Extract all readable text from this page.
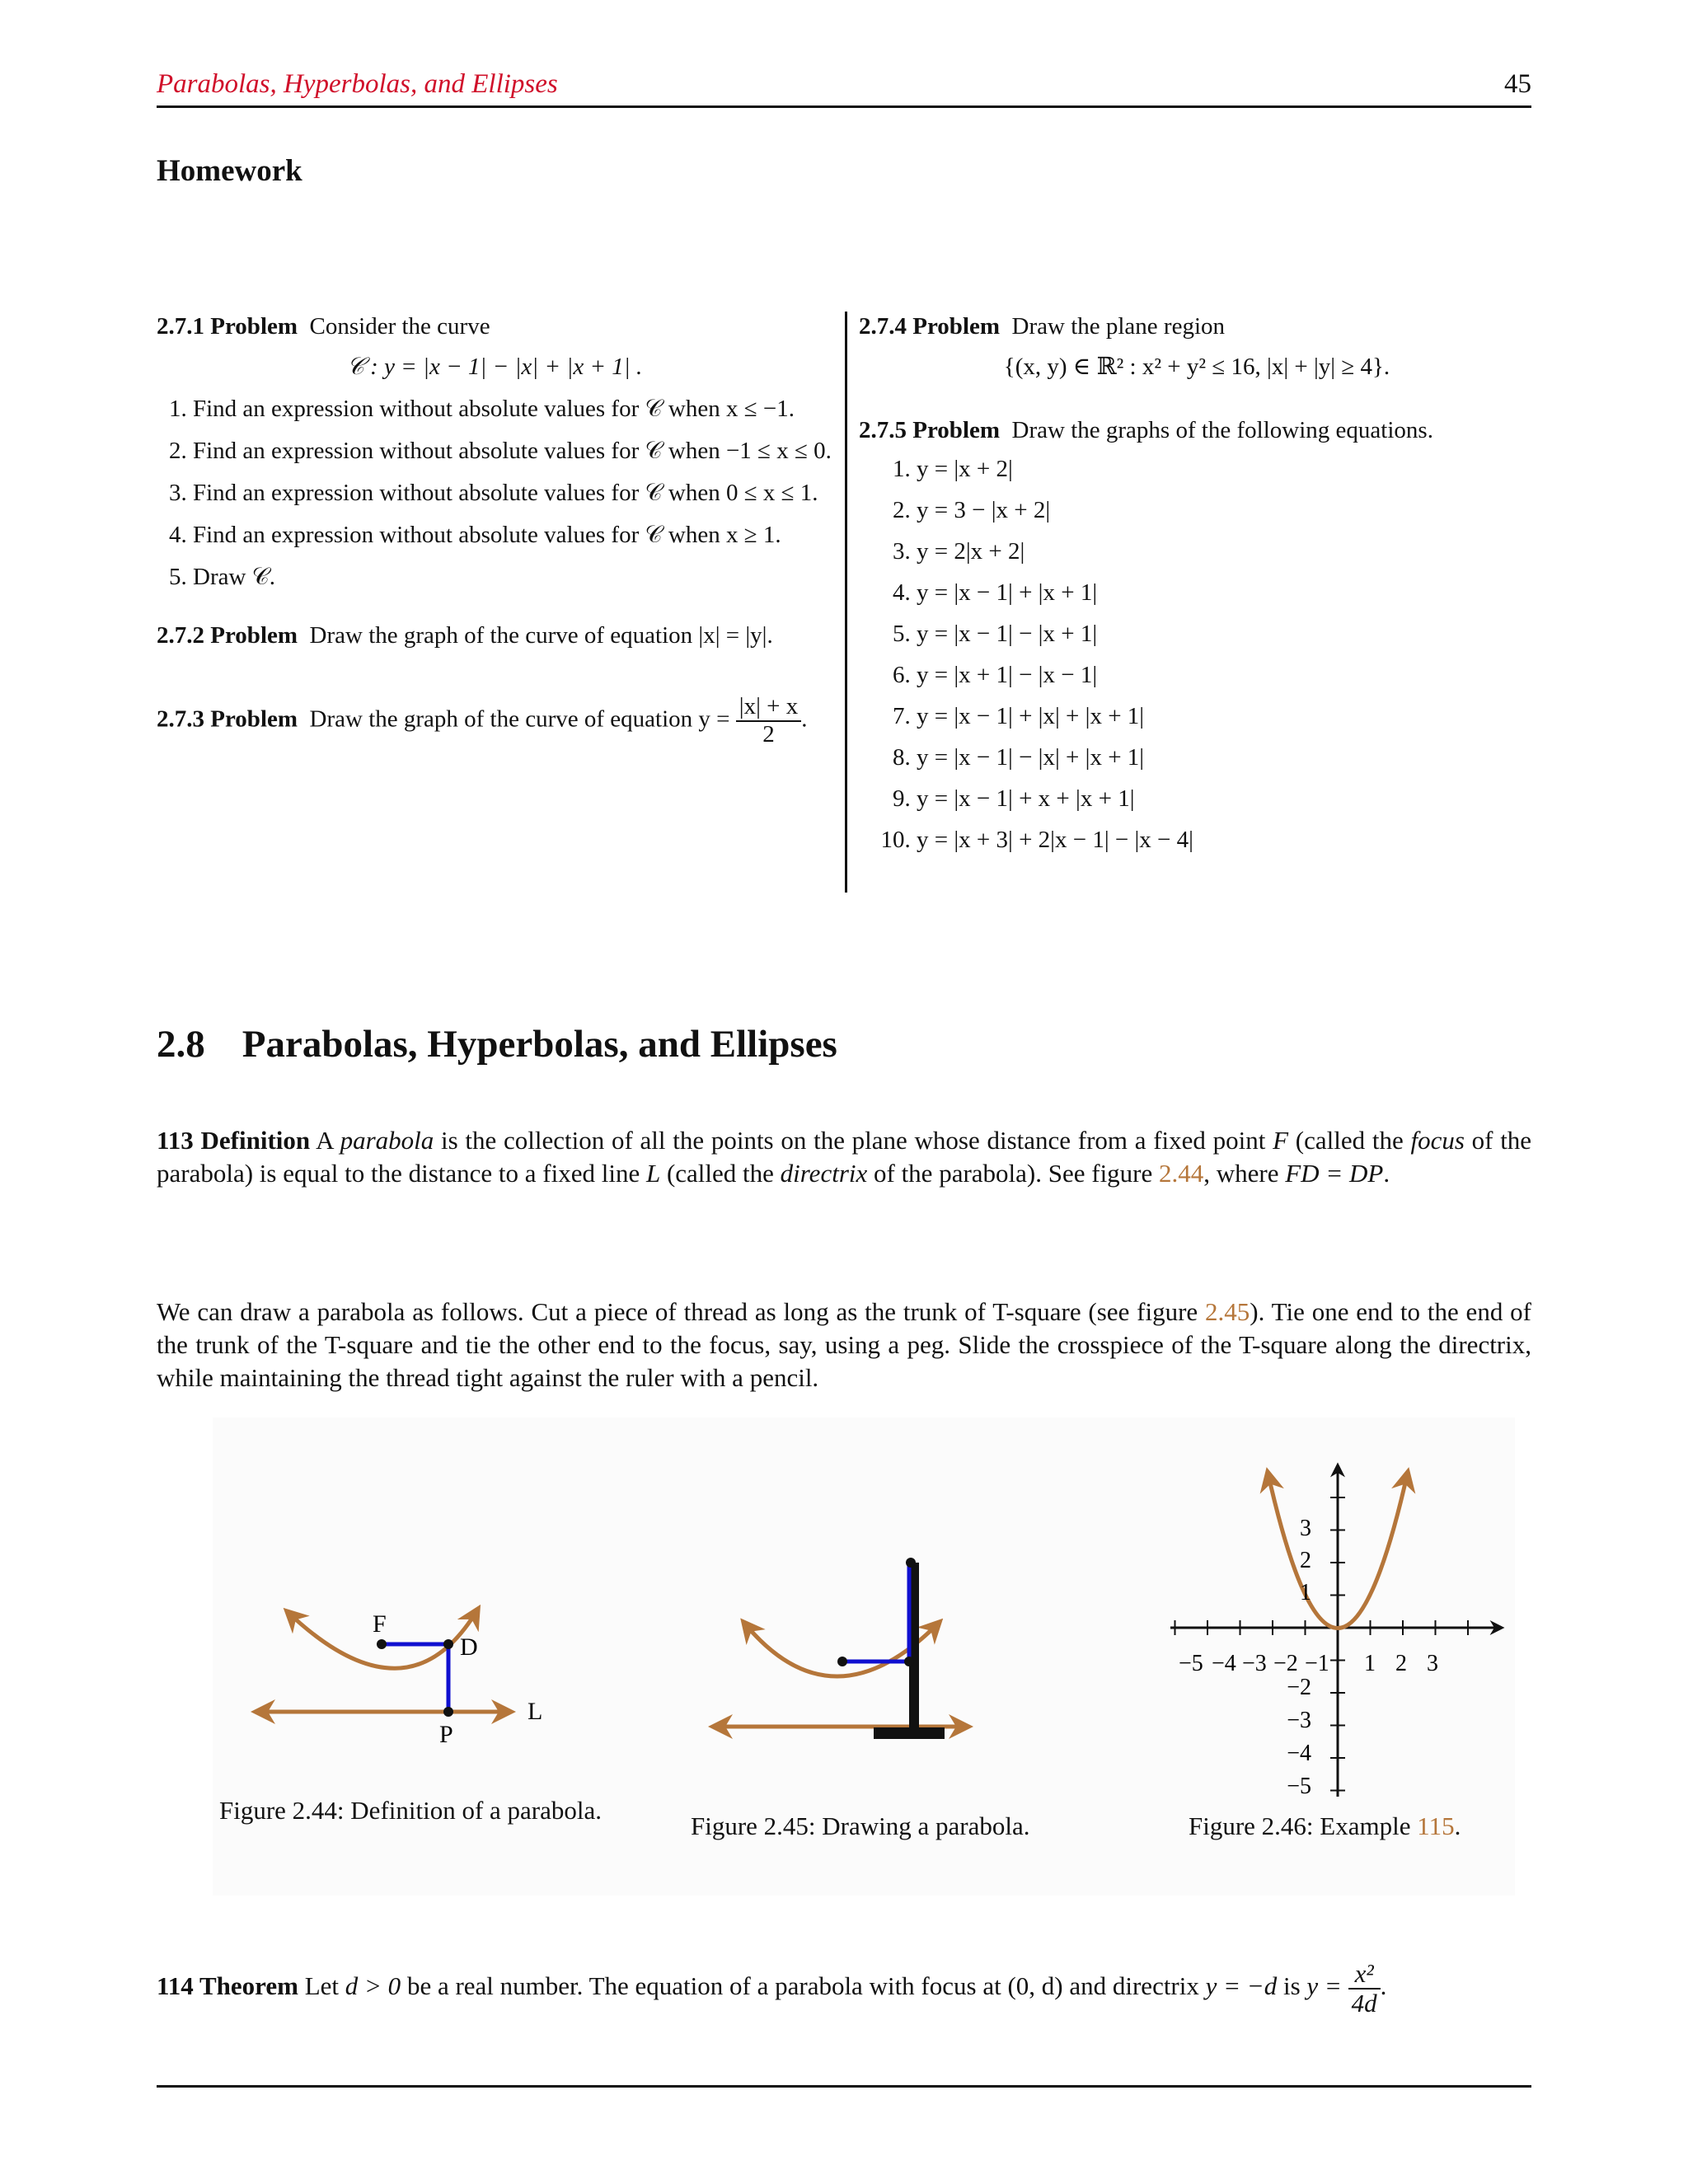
Parabolas, Hyperbolas, and Ellipses	45
Homework
2.7.1 Problem Consider the curve
𝒞 : y = |x − 1| − |x| + |x + 1| .
1. Find an expression without absolute values for 𝒞 when x ≤ −1.
2. Find an expression without absolute values for 𝒞 when −1 ≤ x ≤ 0.
3. Find an expression without absolute values for 𝒞 when 0 ≤ x ≤ 1.
4. Find an expression without absolute values for 𝒞 when x ≥ 1.
5. Draw 𝒞.
2.7.2 Problem Draw the graph of the curve of equation |x| = |y|.
2.7.3 Problem Draw the graph of the curve of equation $y = \frac{|x| + x}{2}$ .
2.7.4 Problem Draw the plane region
{(x, y) ∈ ℝ² : x² + y² ≤ 16, |x| + |y| ≥ 4}.
2.7.5 Problem Draw the graphs of the following equations.
1. y = |x + 2|
2. y = 3 − |x + 2|
3. y = 2|x + 2|
4. y = |x − 1| + |x + 1|
5. y = |x − 1| − |x + 1|
6. y = |x + 1| − |x − 1|
7. y = |x − 1| + |x| + |x + 1|
8. y = |x − 1| − |x| + |x + 1|
9. y = |x − 1| + x + |x + 1|
10. y = |x + 3| + 2|x − 1| − |x − 4|
2.8 Parabolas, Hyperbolas, and Ellipses
113 Definition A parabola is the collection of all the points on the plane whose distance from a fixed point F (called the focus of the parabola) is equal to the distance to a fixed line L (called the directrix of the parabola). See figure 2.44, where FD = DP.
We can draw a parabola as follows. Cut a piece of thread as long as the trunk of T-square (see figure 2.45). Tie one end to the end of the trunk of the T-square and tie the other end to the focus, say, using a peg. Slide the crosspiece of the T-square along the directrix, while maintaining the thread tight against the ruler with a pencil.
F
D
P
L
Figure 2.44: Definition of a parabola.
Figure 2.45: Drawing a parabola.
−5 −4 −3 −2 −1 1 2 3
3
2
1
−2
−3
−4
−5
Figure 2.46: Example 115.
114 Theorem Let d > 0 be a real number. The equation of a parabola with focus at (0, d) and directrix y = −d is $y = \frac{\text{x²}}{4d}$ .
